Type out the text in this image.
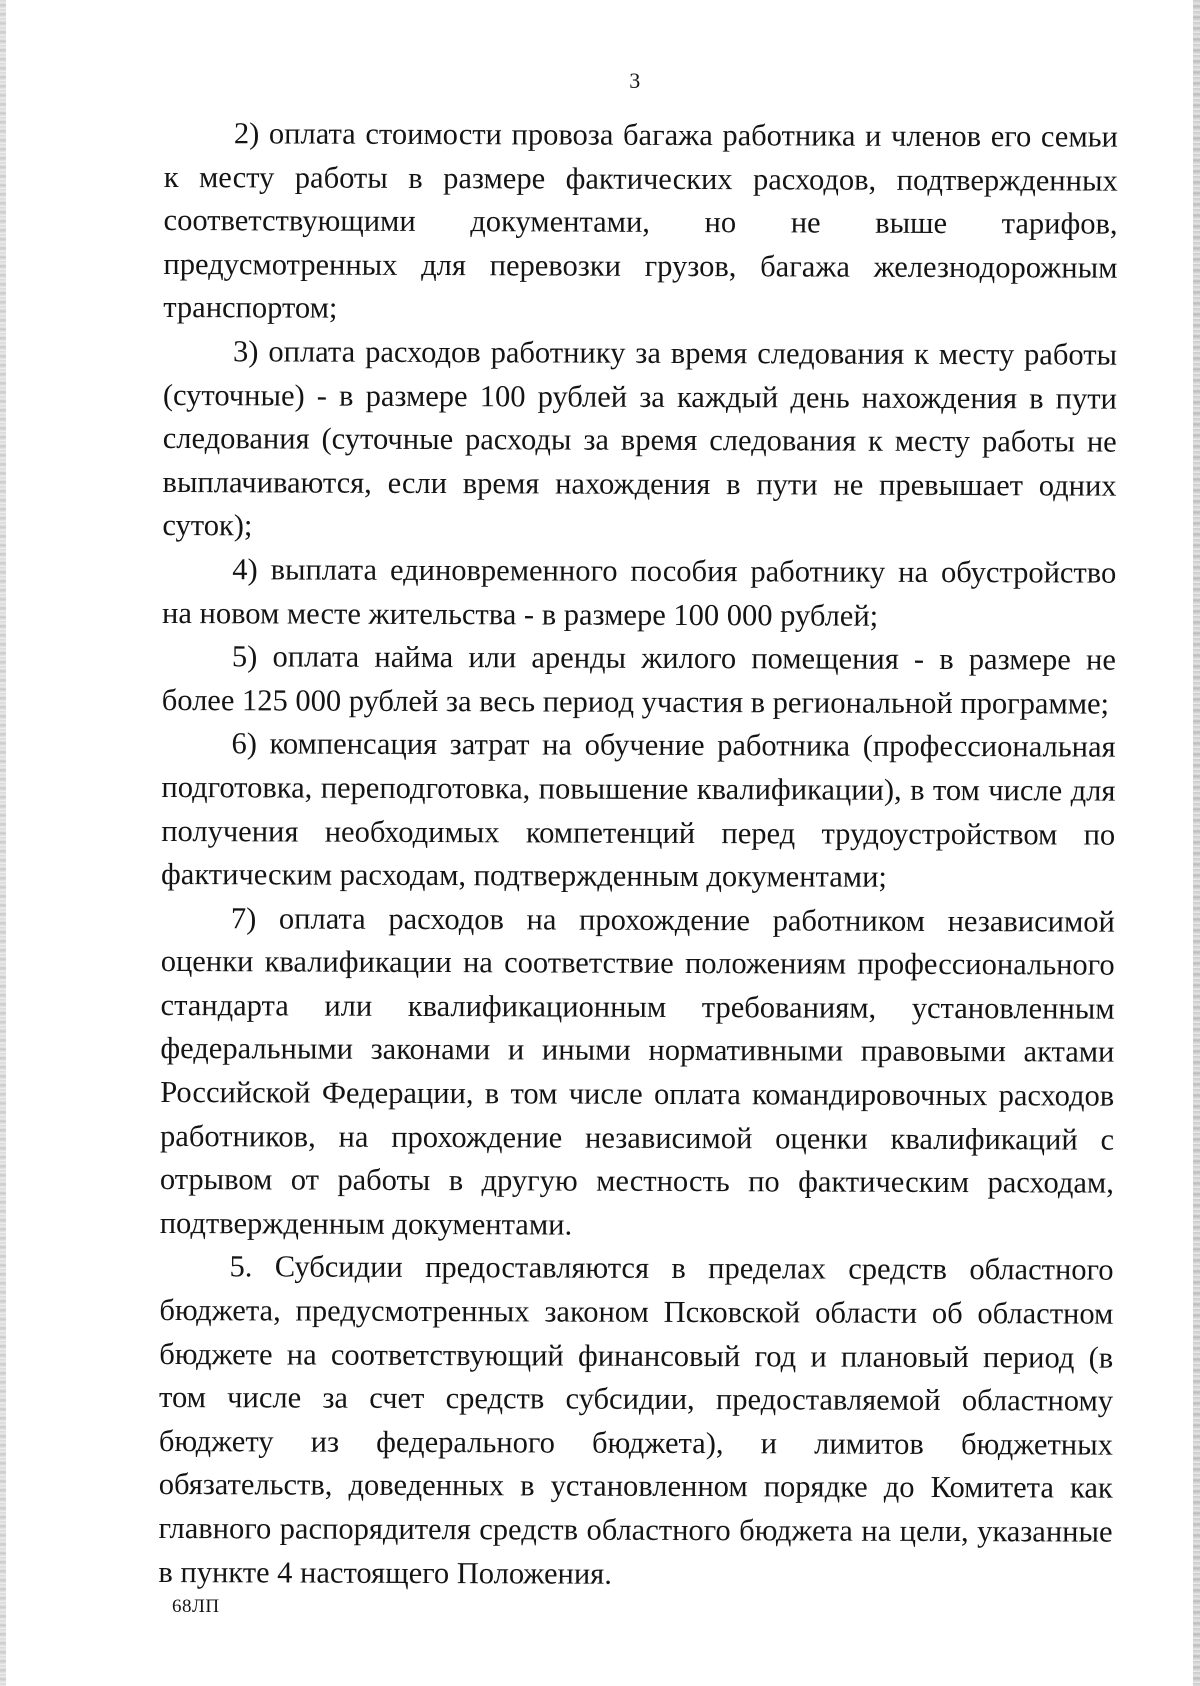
3

2) оплата стоимости провоза багажа работника и членов его семьи к месту работы в размере фактических расходов, подтвержденных соответствующими документами, но не выше тарифов, предусмотренных для перевозки грузов, багажа железнодорожным транспортом;

3) оплата расходов работнику за время следования к месту работы (суточные) - в размере 100 рублей за каждый день нахождения в пути следования (суточные расходы за время следования к месту работы не выплачиваются, если время нахождения в пути не превышает одних суток);

4) выплата единовременного пособия работнику на обустройство на новом месте жительства - в размере 100 000 рублей;

5) оплата найма или аренды жилого помещения - в размере не более 125 000 рублей за весь период участия в региональной программе;

6) компенсация затрат на обучение работника (профессиональная подготовка, переподготовка, повышение квалификации), в том числе для получения необходимых компетенций перед трудоустройством по фактическим расходам, подтвержденным документами;

7) оплата расходов на прохождение работником независимой оценки квалификации на соответствие положениям профессионального стандарта или квалификационным требованиям, установленным федеральными законами и иными нормативными правовыми актами Российской Федерации, в том числе оплата командировочных расходов работников, на прохождение независимой оценки квалификаций с отрывом от работы в другую местность по фактическим расходам, подтвержденным документами.

5. Субсидии предоставляются в пределах средств областного бюджета, предусмотренных законом Псковской области об областном бюджете на соответствующий финансовый год и плановый период (в том числе за счет средств субсидии, предоставляемой областному бюджету из федерального бюджета), и лимитов бюджетных обязательств, доведенных в установленном порядке до Комитета как главного распорядителя средств областного бюджета на цели, указанные в пункте 4 настоящего Положения.

68ЛП
